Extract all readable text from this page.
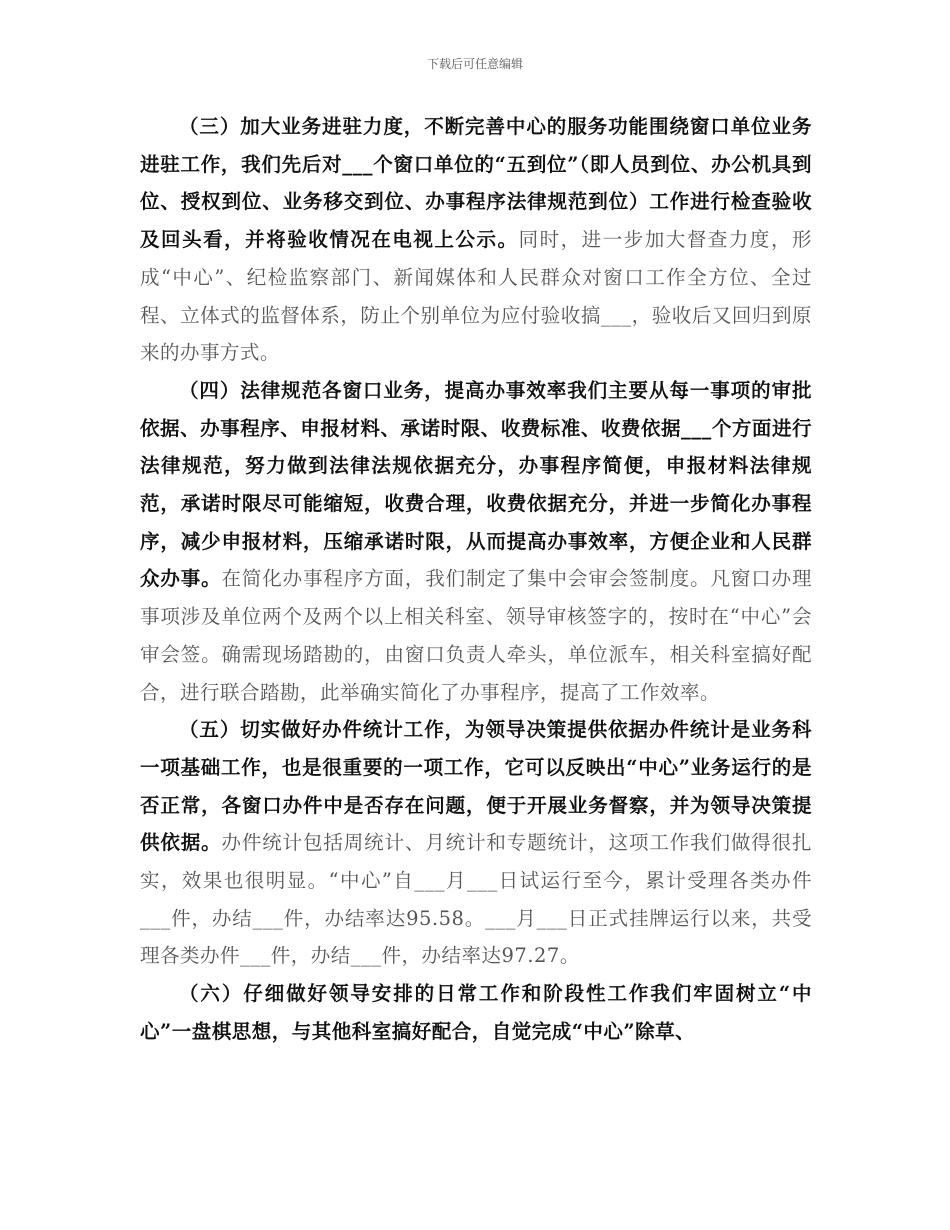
下载后可任意编辑

（三）加大业务进驻力度，不断完善中心的服务功能围绕窗口单位业务进驻工作，我们先后对___个窗口单位的“五到位”（即人员到位、办公机具到位、授权到位、业务移交到位、办事程序法律规范到位）工作进行检查验收及回头看，并将验收情况在电视上公示。同时，进一步加大督查力度，形成“中心”、纪检监察部门、新闻媒体和人民群众对窗口工作全方位、全过程、立体式的监督体系，防止个别单位为应付验收搞___，验收后又回归到原来的办事方式。

（四）法律规范各窗口业务，提高办事效率我们主要从每一事项的审批依据、办事程序、申报材料、承诺时限、收费标准、收费依据___个方面进行法律规范，努力做到法律法规依据充分，办事程序简便，申报材料法律规范，承诺时限尽可能缩短，收费合理，收费依据充分，并进一步简化办事程序，减少申报材料，压缩承诺时限，从而提高办事效率，方便企业和人民群众办事。在简化办事程序方面，我们制定了集中会审会签制度。凡窗口办理事项涉及单位两个及两个以上相关科室、领导审核签字的，按时在“中心”会审会签。确需现场踏勘的，由窗口负责人牵头，单位派车，相关科室搞好配合，进行联合踏勘，此举确实简化了办事程序，提高了工作效率。

（五）切实做好办件统计工作，为领导决策提供依据办件统计是业务科一项基础工作，也是很重要的一项工作，它可以反映出“中心”业务运行的是否正常，各窗口办件中是否存在问题，便于开展业务督察，并为领导决策提供依据。办件统计包括周统计、月统计和专题统计，这项工作我们做得很扎实，效果也很明显。“中心”自___月___日试运行至今，累计受理各类办件___件，办结___件，办结率达95.58。___月___日正式挂牌运行以来，共受理各类办件___件，办结___件，办结率达97.27。

（六）仔细做好领导安排的日常工作和阶段性工作我们牢固树立“中心”一盘棋思想，与其他科室搞好配合，自觉完成“中心”除草、
